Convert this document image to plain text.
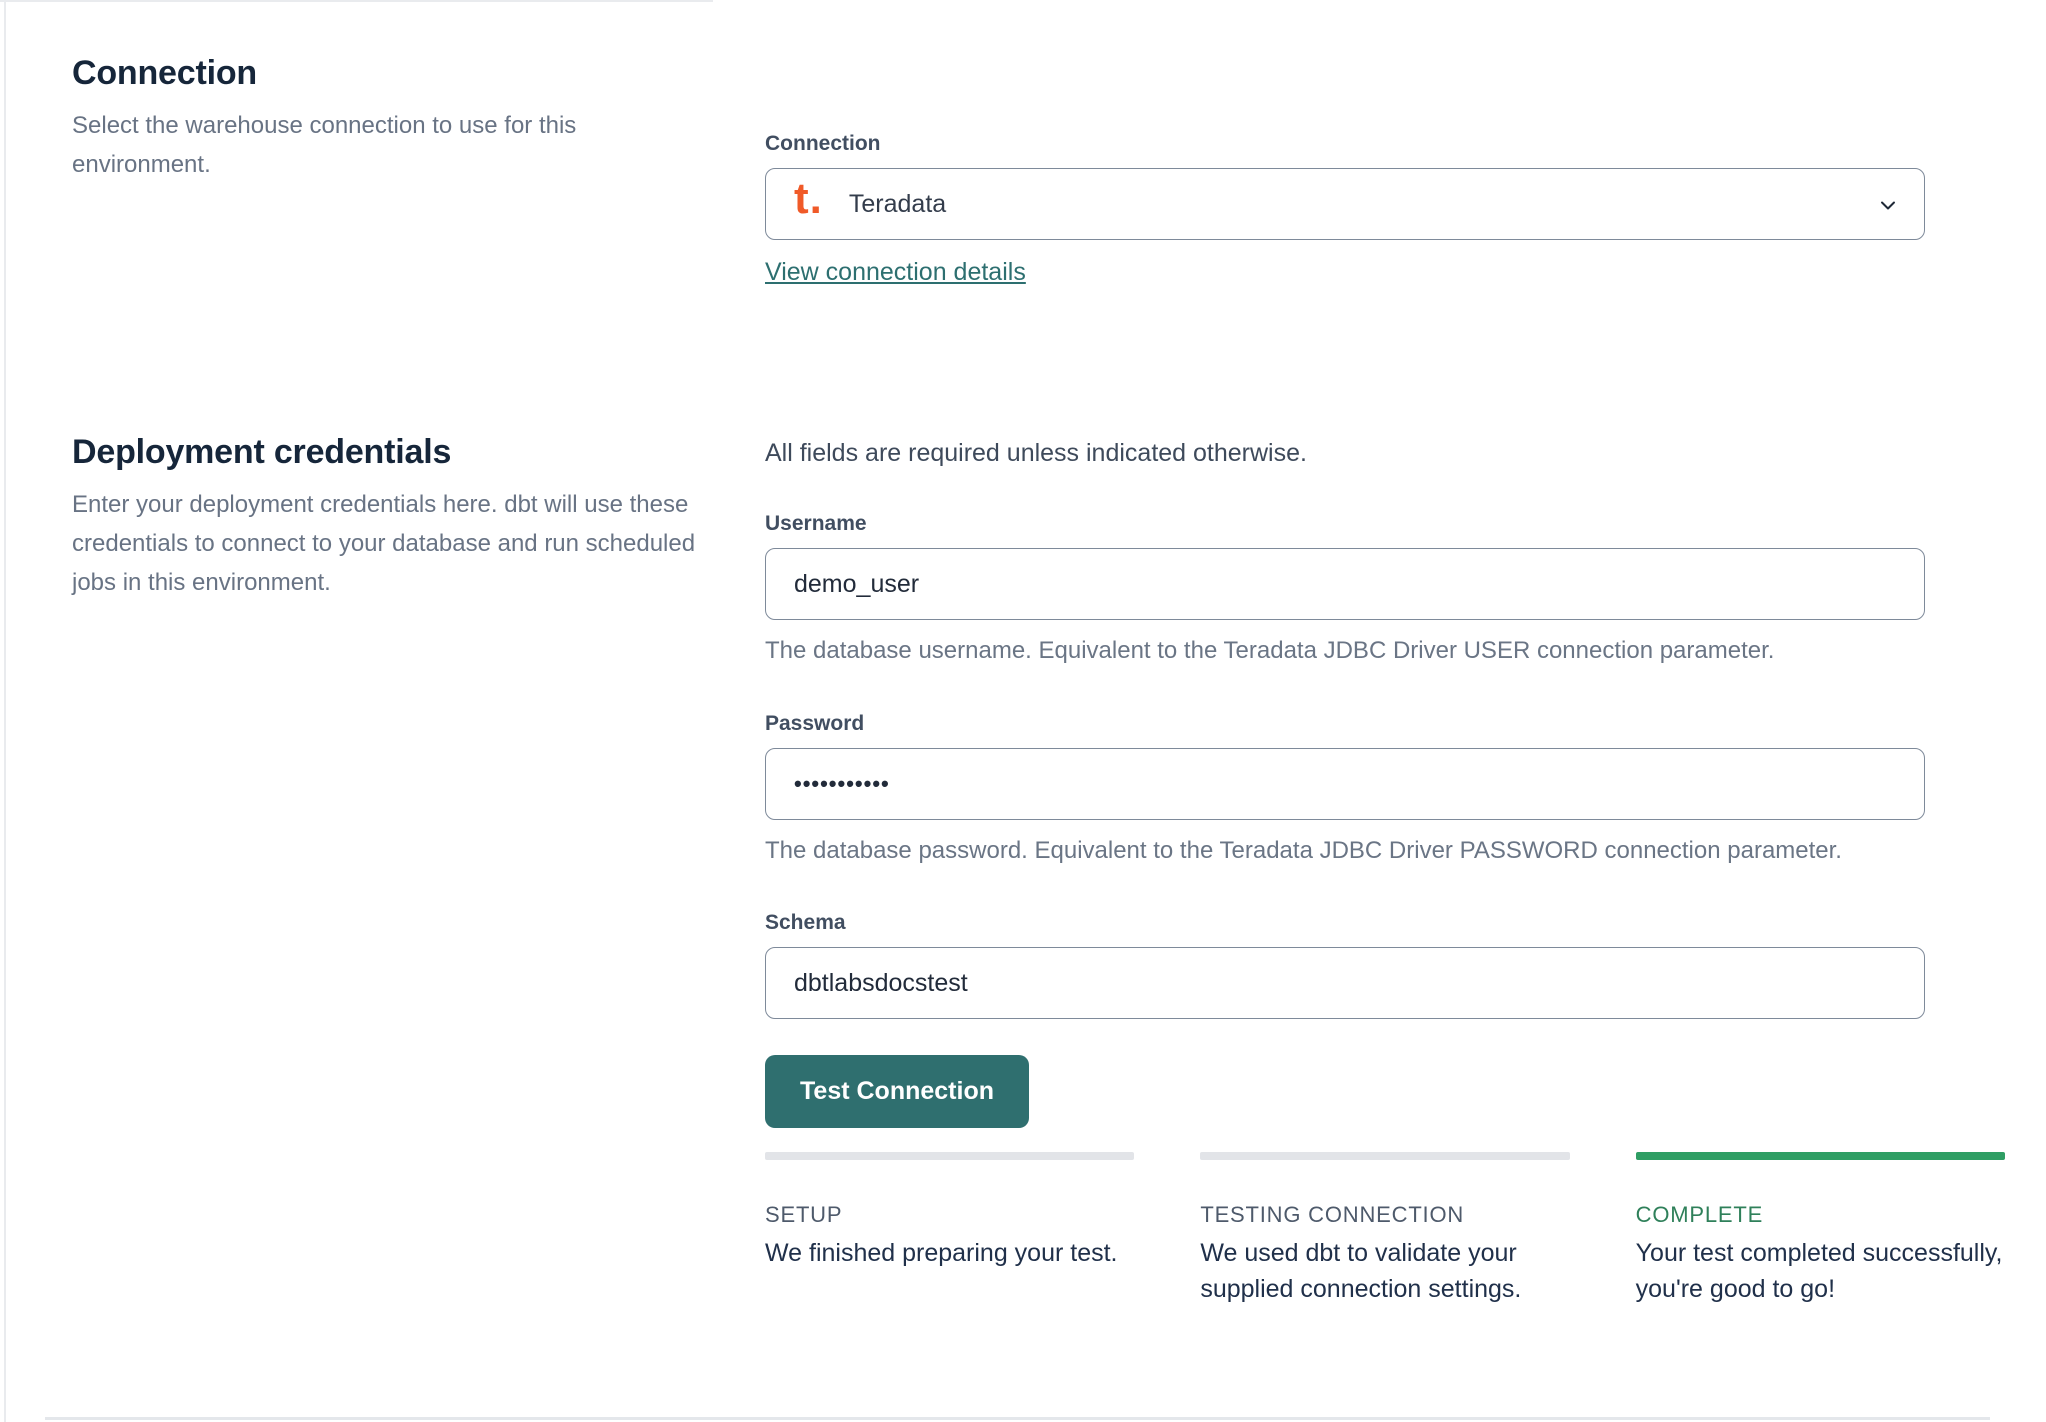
Connection

Select the warehouse connection to use for this environment.

Connection
t. Teradata
View connection details
Deployment credentials

Enter your deployment credentials here. dbt will use these credentials to connect to your database and run scheduled jobs in this environment.

All fields are required unless indicated otherwise.

Username
demo_user
The database username. Equivalent to the Teradata JDBC Driver USER connection parameter.
Password
•••••••••••
The database password. Equivalent to the Teradata JDBC Driver PASSWORD connection parameter.
Schema
dbtlabsdocstest
Test Connection
SETUP
We finished preparing your test.
TESTING CONNECTION
We used dbt to validate your supplied connection settings.
COMPLETE
Your test completed successfully, you're good to go!
